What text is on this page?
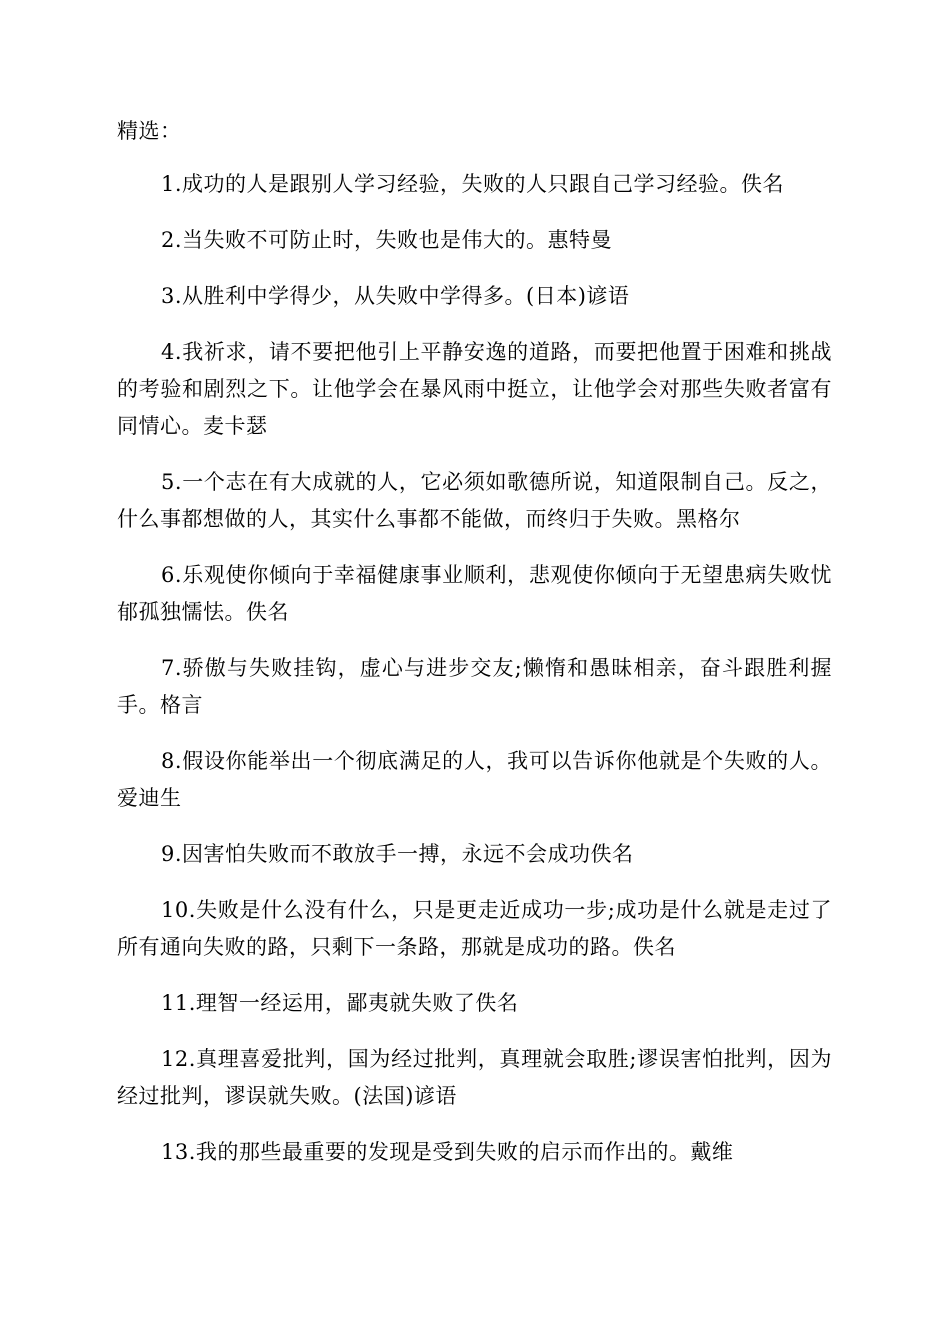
精选：

1.成功的人是跟别人学习经验，失败的人只跟自己学习经验。佚名

2.当失败不可防止时，失败也是伟大的。惠特曼

3.从胜利中学得少，从失败中学得多。(日本)谚语

4.我祈求，请不要把他引上平静安逸的道路，而要把他置于困难和挑战的考验和剧烈之下。让他学会在暴风雨中挺立，让他学会对那些失败者富有同情心。麦卡瑟

5.一个志在有大成就的人，它必须如歌德所说，知道限制自己。反之，什么事都想做的人，其实什么事都不能做，而终归于失败。黑格尔

6.乐观使你倾向于幸福健康事业顺利，悲观使你倾向于无望患病失败忧郁孤独懦怯。佚名

7.骄傲与失败挂钩，虚心与进步交友;懒惰和愚昧相亲，奋斗跟胜利握手。格言

8.假设你能举出一个彻底满足的人，我可以告诉你他就是个失败的人。爱迪生

9.因害怕失败而不敢放手一搏，永远不会成功佚名

10.失败是什么没有什么，只是更走近成功一步;成功是什么就是走过了所有通向失败的路，只剩下一条路，那就是成功的路。佚名

11.理智一经运用，鄙夷就失败了佚名

12.真理喜爱批判，国为经过批判，真理就会取胜;谬误害怕批判，因为经过批判，谬误就失败。(法国)谚语

13.我的那些最重要的发现是受到失败的启示而作出的。戴维
